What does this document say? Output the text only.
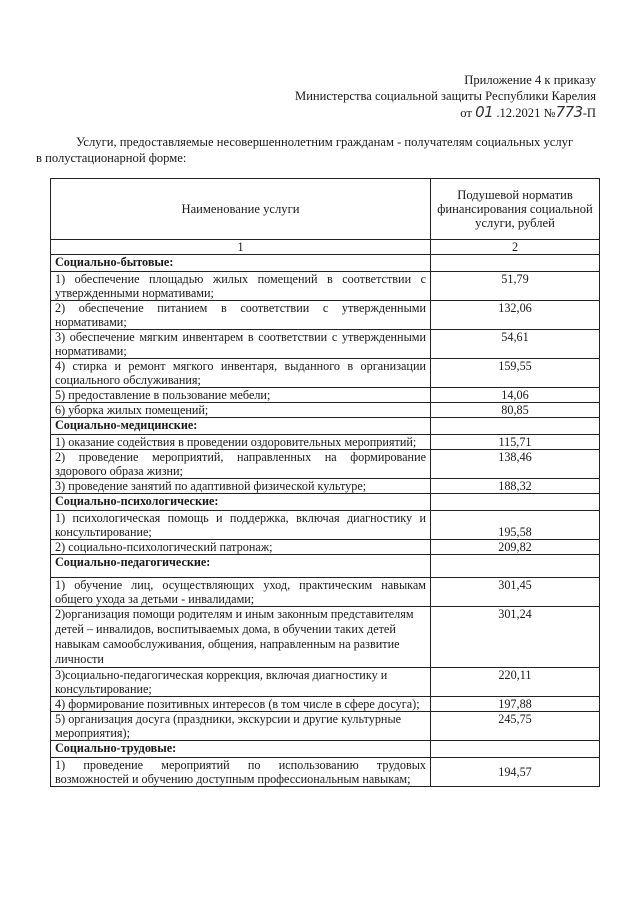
Приложение 4 к приказу
Министерства социальной защиты Республики Карелия
от 01 .12.2021 №773-П
Услуги, предоставляемые несовершеннолетним гражданам - получателям социальных услуг
в полустационарной форме:
Наименование услуги	Подушевой норматив финансирования социальной услуги, рублей
1	2
Социально-бытовые:	
1) обеспечение площадью жилых помещений в соответствии с утвержденными нормативами;	51,79
2) обеспечение питанием в соответствии с утвержденными нормативами;	132,06
3) обеспечение мягким инвентарем в соответствии с утвержденными нормативами;	54,61
4) стирка и ремонт мягкого инвентаря, выданного в организации социального обслуживания;	159,55
5) предоставление в пользование мебели;	14,06
6) уборка жилых помещений;	80,85
Социально-медицинские:	
1) оказание содействия в проведении оздоровительных мероприятий;	115,71
2) проведение мероприятий, направленных на формирование здорового образа жизни;	138,46
3) проведение занятий по адаптивной физической культуре;	188,32
Социально-психологические:	
1) психологическая помощь и поддержка, включая диагностику и консультирование;	195,58
2) социально-психологический патронаж;	209,82
Социально-педагогические:	
1) обучение лиц, осуществляющих уход, практическим навыкам общего ухода за детьми - инвалидами;	301,45
2)организация помощи родителям и иным законным представителям детей – инвалидов, воспитываемых дома, в обучении таких детей навыкам самообслуживания, общения, направленным на развитие личности	301,24
3)социально-педагогическая коррекция, включая диагностику и консультирование;	220,11
4) формирование позитивных интересов (в том числе в сфере досуга);	197,88
5) организация досуга (праздники, экскурсии и другие культурные мероприятия);	245,75
Социально-трудовые:	
1) проведение мероприятий по использованию трудовых возможностей и обучению доступным профессиональным навыкам;	194,57
